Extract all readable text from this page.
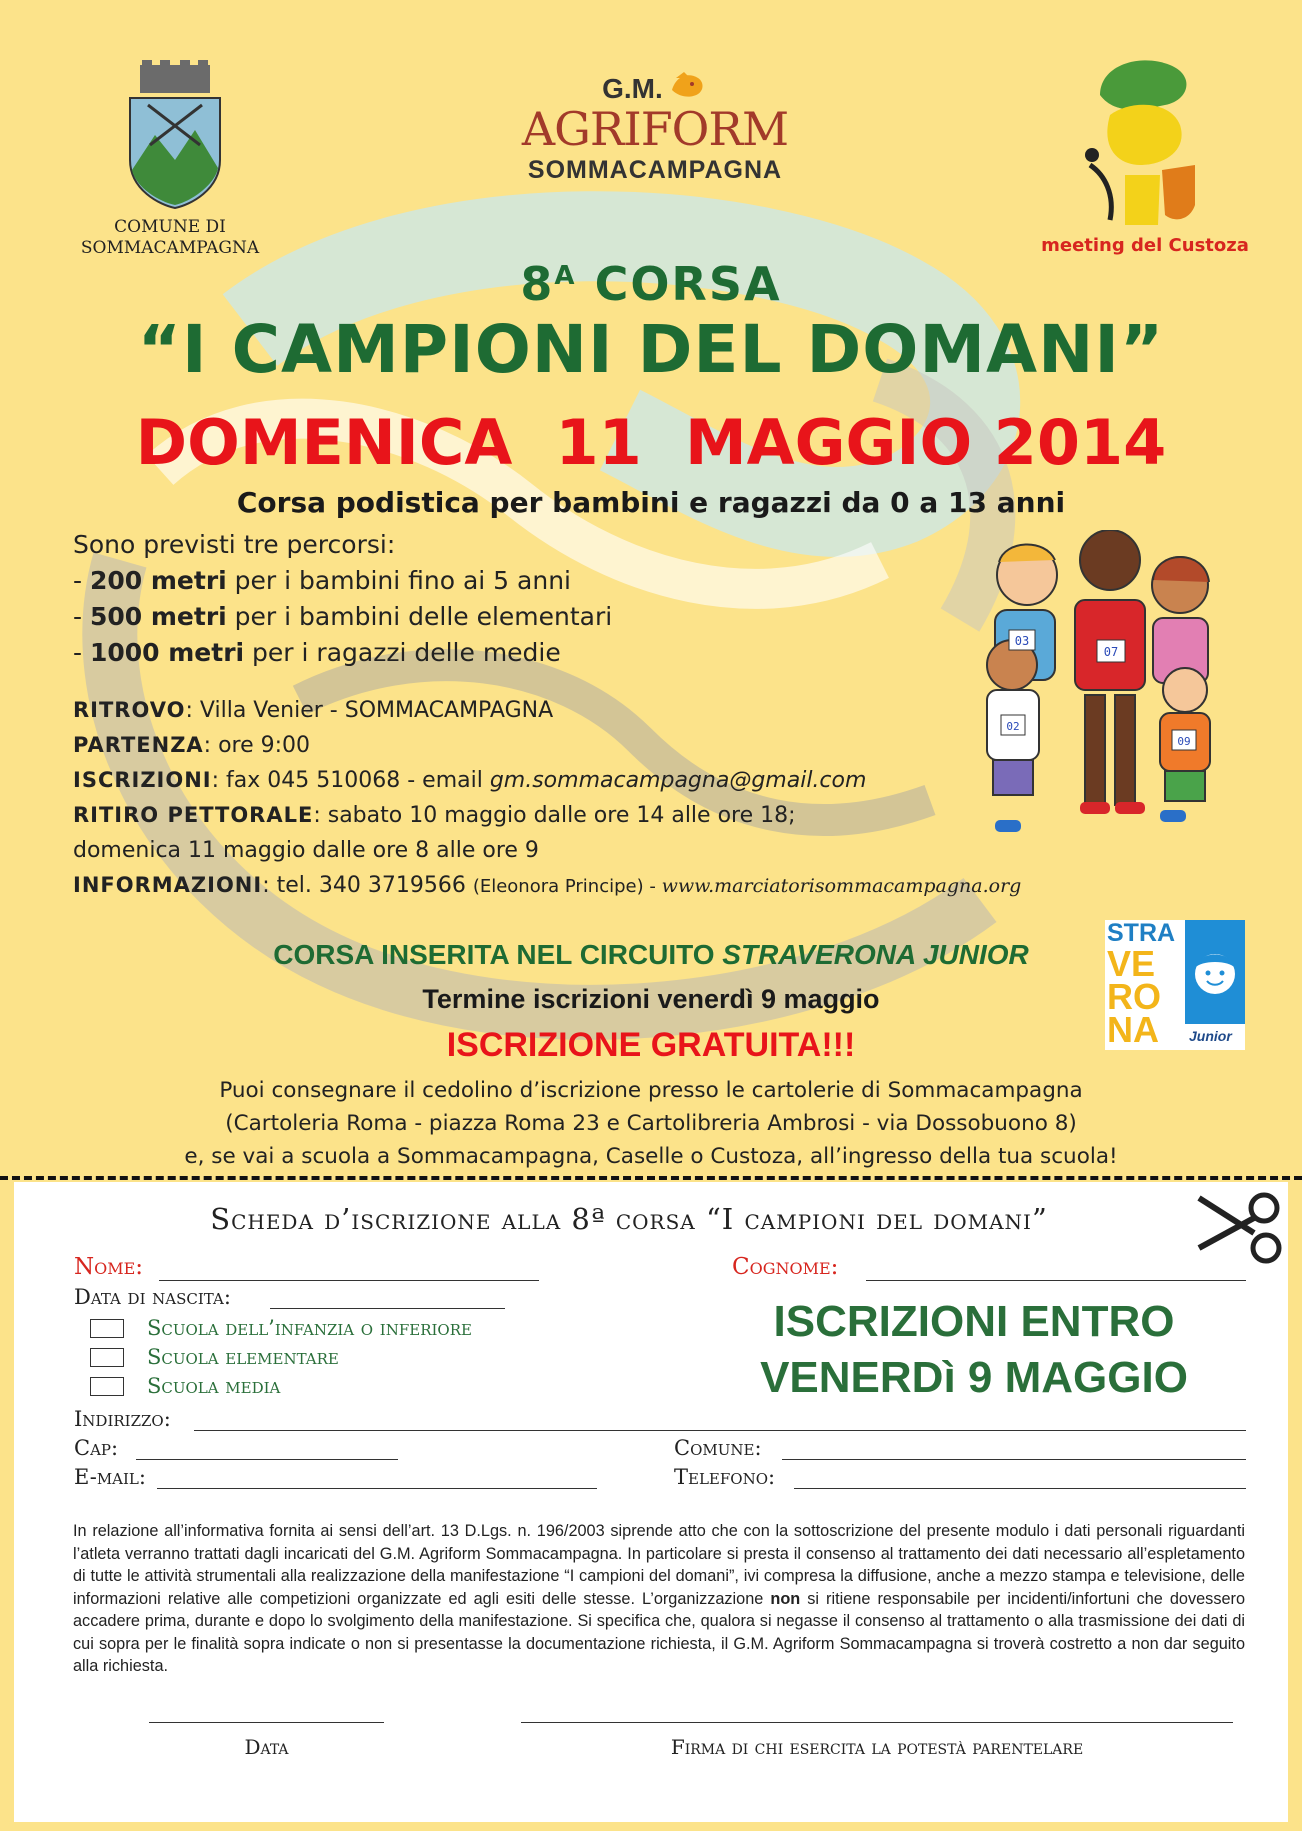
COMUNE DI
SOMMACAMPAGNA
G.M.
AGRIFORM
SOMMACAMPAGNA
meeting del Custoza
$8^A$ CORSA
“I CAMPIONI DEL DOMANI”
DOMENICA  11  MAGGIO 2014
Corsa podistica per bambini e ragazzi da 0 a 13 anni
Sono previsti tre percorsi:
- 200 metri per i bambini fino ai 5 anni
- 500 metri per i bambini delle elementari
- 1000 metri per i ragazzi delle medie
RITROVO: Villa Venier - SOMMACAMPAGNA
PARTENZA: ore 9:00
ISCRIZIONI: fax 045 510068 - email gm.sommacampagna@gmail.com
RITIRO PETTORALE: sabato 10 maggio dalle ore 14 alle ore 18;
domenica 11 maggio dalle ore 8 alle ore 9
INFORMAZIONI: tel. 340 3719566 (Eleonora Principe) - www.marciatorisommacampagna.org
03
07
02
09
CORSA INSERITA NEL CIRCUITO STRAVERONA JUNIOR
Termine iscrizioni venerdì 9 maggio
ISCRIZIONE GRATUITA!!!
Puoi consegnare il cedolino d’iscrizione presso le cartolerie di Sommacampagna
(Cartoleria Roma - piazza Roma 23 e Cartolibreria Ambrosi - via Dossobuono 8)
e, se vai a scuola a Sommacampagna, Caselle o Custoza, all’ingresso della tua scuola!
STRA
VE
RO
NA	Junior
Scheda d’iscrizione alla 8ª corsa “I campioni del domani”
Nome:	Cognome:
Data di nascita:
Scuola dell’infanzia o inferiore
Scuola elementare
Scuola media
ISCRIZIONI ENTRO
VENERDì 9 MAGGIO
Indirizzo:
Cap:	Comune:
E-mail:	Telefono:
In relazione all’informativa fornita ai sensi dell’art. 13 D.Lgs. n. 196/2003 siprende atto che con la sottoscrizione del presente modulo i dati personali riguardanti l’atleta verranno trattati dagli incaricati del G.M. Agriform Sommacampagna. In particolare si presta il consenso al trattamento dei dati necessario all’espletamento di tutte le attività strumentali alla realizzazione della manifestazione “I campioni del domani”, ivi compresa la diffusione, anche a mezzo stampa e televisione, delle informazioni relative alle competizioni organizzate ed agli esiti delle stesse. L’organizzazione non si ritiene responsabile per incidenti/infortuni che dovessero accadere prima, durante e dopo lo svolgimento della manifestazione. Si specifica che, qualora si negasse il consenso al trattamento o alla trasmissione dei dati di cui sopra per le finalità sopra indicate o non si presentasse la documentazione richiesta, il G.M. Agriform Sommacampagna si troverà costretto a non dar seguito alla richiesta.
Data	Firma di chi esercita la potestà parentelare
